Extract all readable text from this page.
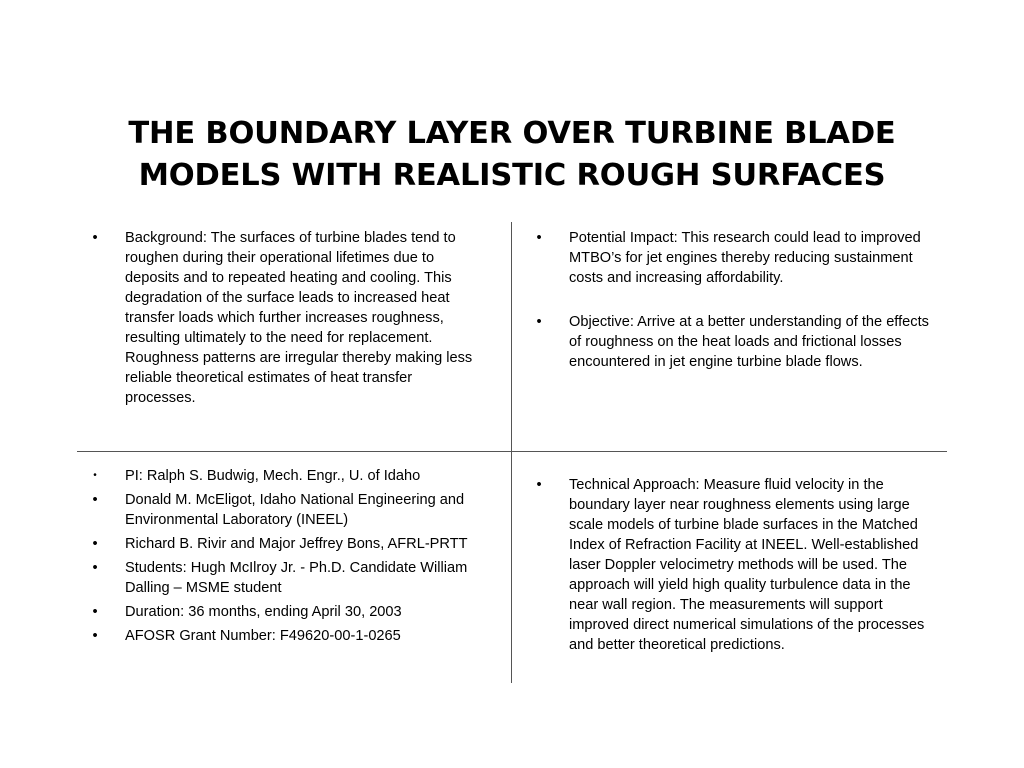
THE BOUNDARY LAYER OVER TURBINE BLADE
MODELS WITH REALISTIC ROUGH SURFACES
• Background: The surfaces of turbine blades tend to roughen during their operational lifetimes due to deposits and to repeated heating and cooling. This degradation of the surface leads to increased heat transfer loads which further increases roughness, resulting ultimately to the need for replacement. Roughness patterns are irregular thereby making less reliable theoretical estimates of heat transfer processes.
• Potential Impact: This research could lead to improved MTBO’s for jet engines thereby reducing sustainment costs and increasing affordability.
• Objective: Arrive at a better understanding of the effects of roughness on the heat loads and frictional losses encountered in jet engine turbine blade flows.
• PI: Ralph S. Budwig, Mech. Engr., U. of Idaho
• Donald M. McEligot, Idaho National Engineering and Environmental Laboratory (INEEL)
• Richard B. Rivir and Major Jeffrey Bons, AFRL-PRTT
• Students: Hugh McIlroy Jr. - Ph.D. Candidate William Dalling – MSME student
• Duration: 36 months, ending April 30, 2003
• AFOSR Grant Number: F49620-00-1-0265
• Technical Approach: Measure fluid velocity in the boundary layer near roughness elements using large scale models of turbine blade surfaces in the Matched Index of Refraction Facility at INEEL. Well-established laser Doppler velocimetry methods will be used. The approach will yield high quality turbulence data in the near wall region. The measurements will support improved direct numerical simulations of the processes and better theoretical predictions.
